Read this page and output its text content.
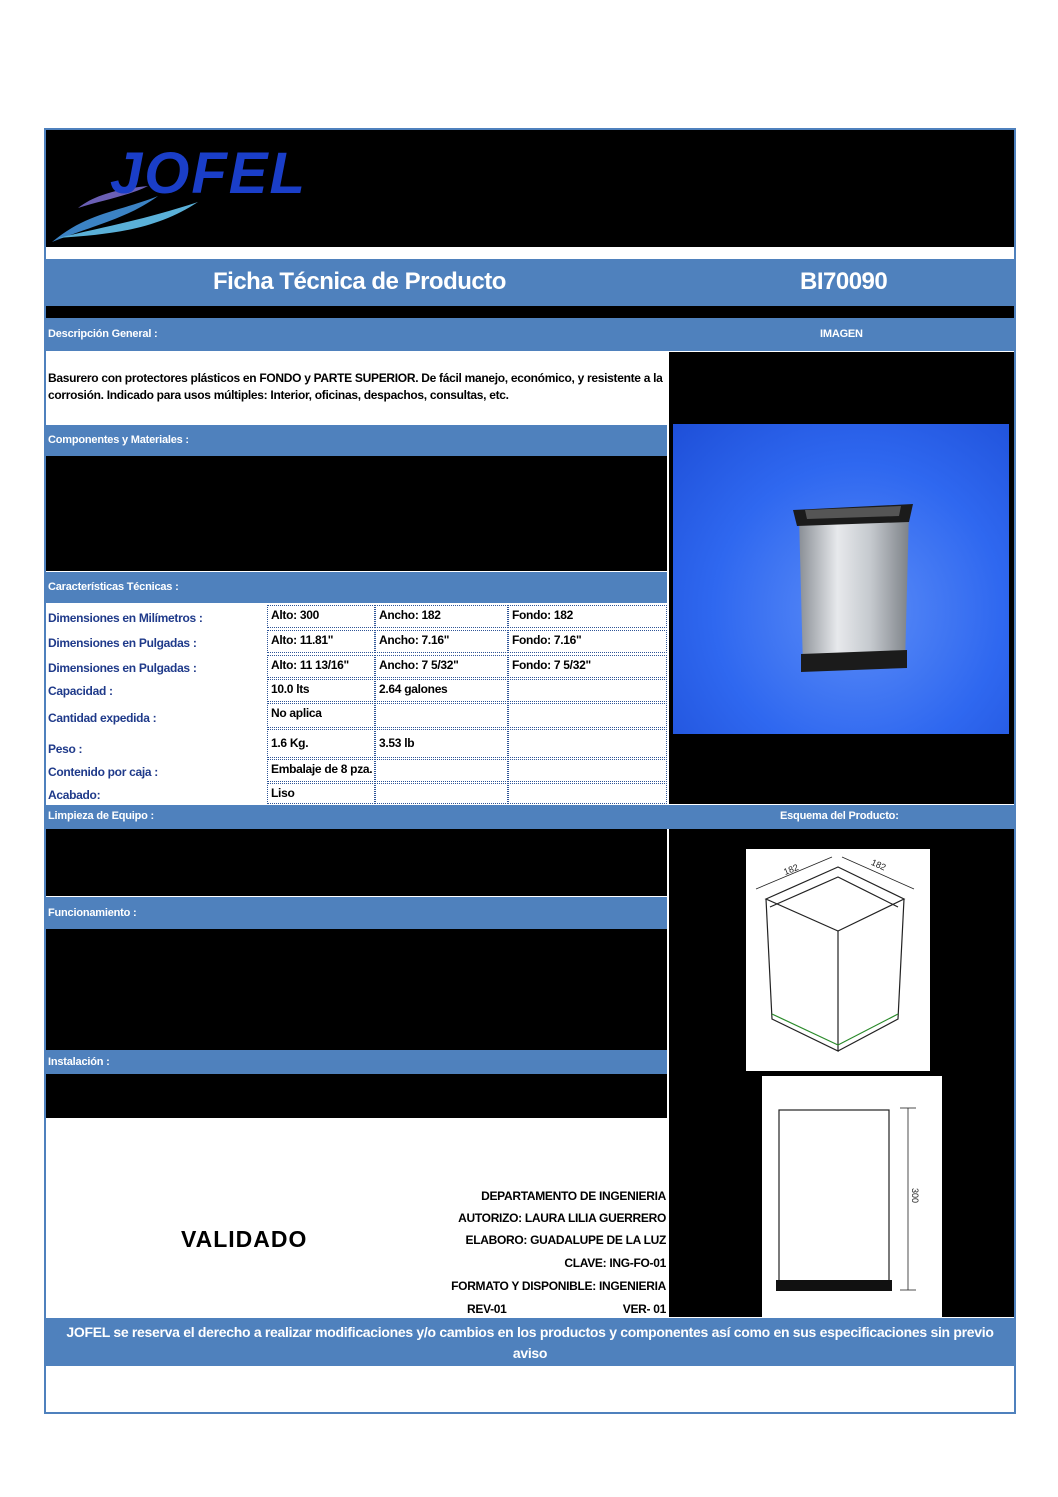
JOFEL
Ficha Técnica de Producto	BI70090
Descripción General :	IMAGEN
Basurero con protectores plásticos en FONDO y PARTE SUPERIOR. De fácil manejo, económico, y resistente a la corrosión. Indicado para usos múltiples: Interior, oficinas, despachos, consultas, etc.
Componentes y Materiales :
Características Técnicas :
Dimensiones en Milímetros :	Alto: 300	Ancho: 182	Fondo: 182
Dimensiones en Pulgadas :	Alto: 11.81"	Ancho: 7.16"	Fondo: 7.16"
Dimensiones en Pulgadas :	Alto: 11 13/16"	Ancho: 7 5/32"	Fondo: 7 5/32"
Capacidad :	10.0 lts	2.64 galones
Cantidad expedida :	No aplica
Peso :	1.6 Kg.	3.53 lb
Contenido por caja :	Embalaje de 8 pza.
Acabado:	Liso
Limpieza de Equipo :	Esquema del Producto:
182	182
300
Funcionamiento :
Instalación :
VALIDADO
DEPARTAMENTO DE INGENIERIA
AUTORIZO: LAURA LILIA GUERRERO
ELABORO: GUADALUPE DE LA LUZ
CLAVE: ING-FO-01
FORMATO Y DISPONIBLE: INGENIERIA
REV-01	VER- 01
JOFEL se reserva el derecho a realizar modificaciones y/o cambios en los productos y componentes así como en sus especificaciones sin previo aviso
